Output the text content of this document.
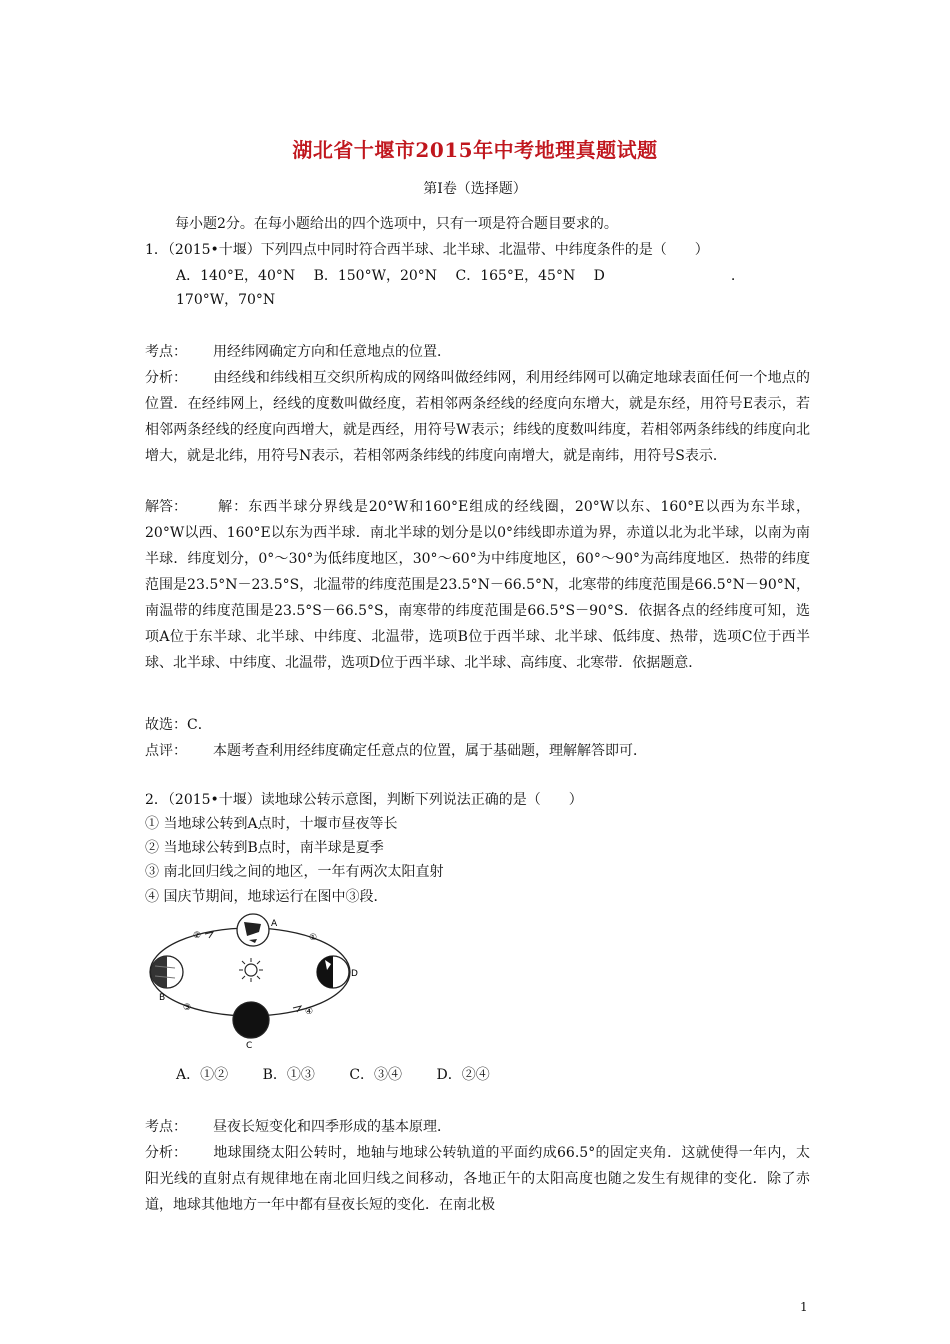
湖北省十堰市2015年中考地理真题试题
第Ⅰ卷（选择题）
每小题2分。在每小题给出的四个选项中，只有一项是符合题目要求的。
1．（2015•十堰）下列四点中同时符合西半球、北半球、北温带、中纬度条件的是（　　）
A．140°E，40°N　 B．150°W，20°N　 C．165°E，45°N　 D　　　　　　　　　.
170°W，70°N
考点： 用经纬网确定方向和任意地点的位置．
分析： 由经线和纬线相互交织所构成的网络叫做经纬网，利用经纬网可以确定地球表面任何一个地点的位置．在经纬网上，经线的度数叫做经度，若相邻两条经线的经度向东增大，就是东经，用符号E表示，若相邻两条经线的经度向西增大，就是西经，用符号W表示；纬线的度数叫纬度，若相邻两条纬线的纬度向北增大，就是北纬，用符号N表示，若相邻两条纬线的纬度向南增大，就是南纬，用符号S表示．
解答： 解：东西半球分界线是20°W和160°E组成的经线圈，20°W以东、160°E以西为东半球，20°W以西、160°E以东为西半球．南北半球的划分是以0°纬线即赤道为界，赤道以北为北半球，以南为南半球．纬度划分，0°～30°为低纬度地区，30°～60°为中纬度地区，60°～90°为高纬度地区．热带的纬度范围是23.5°N－23.5°S，北温带的纬度范围是23.5°N－66.5°N，北寒带的纬度范围是66.5°N－90°N，南温带的纬度范围是23.5°S－66.5°S，南寒带的纬度范围是66.5°S－90°S．依据各点的经纬度可知，选项A位于东半球、北半球、中纬度、北温带，选项B位于西半球、北半球、低纬度、热带，选项C位于西半球、北半球、中纬度、北温带，选项D位于西半球、北半球、高纬度、北寒带．依据题意．
故选：C．
点评： 本题考查利用经纬度确定任意点的位置，属于基础题，理解解答即可．
2．（2015•十堰）读地球公转示意图，判断下列说法正确的是（　　）
① 当地球公转到A点时，十堰市昼夜等长
② 当地球公转到B点时，南半球是夏季
③ 南北回归线之间的地区，一年有两次太阳直射
④ 国庆节期间，地球运行在图中③段．
A
B
C
D
②	①
③	④
A．①② B．①③ C．③④ D．②④
考点： 昼夜长短变化和四季形成的基本原理．
分析： 地球围绕太阳公转时，地轴与地球公转轨道的平面约成66.5°的固定夹角．这就使得一年内，太阳光线的直射点有规律地在南北回归线之间移动，各地正午的太阳高度也随之发生有规律的变化．除了赤道，地球其他地方一年中都有昼夜长短的变化．在南北极
1
